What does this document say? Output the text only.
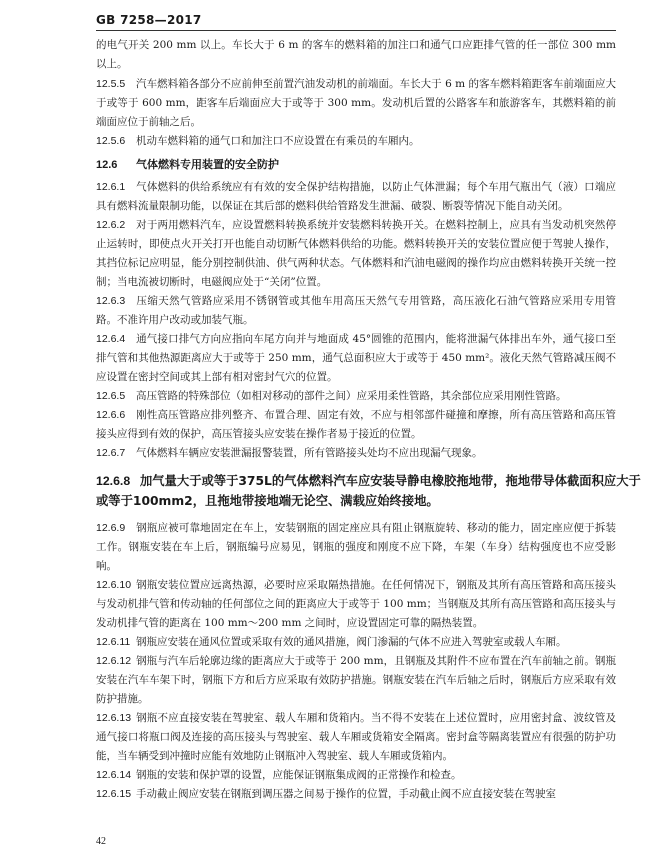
GB 7258—2017

的电气开关 200 mm 以上。车长大于 6 m 的客车的燃料箱的加注口和通气口应距排气管的任一部位 300 mm 以上。

12.5.5 汽车燃料箱各部分不应前伸至前置汽油发动机的前端面。车长大于 6 m 的客车燃料箱距客车前端面应大于或等于 600 mm，距客车后端面应大于或等于 300 mm。发动机后置的公路客车和旅游客车，其燃料箱的前端面应位于前轴之后。

12.5.6 机动车燃料箱的通气口和加注口不应设置在有乘员的车厢内。

12.6 气体燃料专用装置的安全防护

12.6.1 气体燃料的供给系统应有有效的安全保护结构措施，以防止气体泄漏；每个车用气瓶出气（液）口端应具有燃料流量限制功能，以保证在其后部的燃料供给管路发生泄漏、破裂、断裂等情况下能自动关闭。

12.6.2 对于两用燃料汽车，应设置燃料转换系统并安装燃料转换开关。在燃料控制上，应具有当发动机突然停止运转时，即使点火开关打开也能自动切断气体燃料供给的功能。燃料转换开关的安装位置应便于驾驶人操作，其挡位标记应明显，能分别控制供油、供气两种状态。气体燃料和汽油电磁阀的操作均应由燃料转换开关统一控制；当电流被切断时，电磁阀应处于“关闭”位置。

12.6.3 压缩天然气管路应采用不锈钢管或其他车用高压天然气专用管路，高压液化石油气管路应采用专用管路。不准许用户改动或加装气瓶。

12.6.4 通气接口排气方向应指向车尾方向并与地面成 45°圆锥的范围内，能将泄漏气体排出车外，通气接口至排气管和其他热源距离应大于或等于 250 mm，通气总面积应大于或等于 450 mm²。液化天然气管路减压阀不应设置在密封空间或其上部有相对密封气穴的位置。

12.6.5 高压管路的特殊部位（如相对移动的部件之间）应采用柔性管路，其余部位应采用刚性管路。

12.6.6 刚性高压管路应排列整齐、布置合理、固定有效，不应与相邻部件碰撞和摩擦，所有高压管路和高压管接头应得到有效的保护，高压管接头应安装在操作者易于接近的位置。

12.6.7 气体燃料车辆应安装泄漏报警装置，所有管路接头处均不应出现漏气现象。

12.6.8 加气量大于或等于375L的气体燃料汽车应安装导静电橡胶拖地带，拖地带导体截面积应大于或等于100mm2，且拖地带接地端无论空、满载应始终接地。

12.6.9 钢瓶应被可靠地固定在车上，安装钢瓶的固定座应具有阻止钢瓶旋转、移动的能力，固定座应便于拆装工作。钢瓶安装在车上后，钢瓶编号应易见，钢瓶的强度和刚度不应下降，车架（车身）结构强度也不应受影响。

12.6.10 钢瓶安装位置应远离热源，必要时应采取隔热措施。在任何情况下，钢瓶及其所有高压管路和高压接头与发动机排气管和传动轴的任何部位之间的距离应大于或等于 100 mm；当钢瓶及其所有高压管路和高压接头与发动机排气管的距离在 100 mm～200 mm 之间时，应设置固定可靠的隔热装置。

12.6.11 钢瓶应安装在通风位置或采取有效的通风措施，阀门渗漏的气体不应进入驾驶室或载人车厢。

12.6.12 钢瓶与汽车后轮廓边缘的距离应大于或等于 200 mm，且钢瓶及其附件不应布置在汽车前轴之前。钢瓶安装在汽车车架下时，钢瓶下方和后方应采取有效防护措施。钢瓶安装在汽车后轴之后时，钢瓶后方应采取有效防护措施。

12.6.13 钢瓶不应直接安装在驾驶室、载人车厢和货箱内。当不得不安装在上述位置时，应用密封盒、波纹管及通气接口将瓶口阀及连接的高压接头与驾驶室、载人车厢或货箱安全隔离。密封盒等隔离装置应有很强的防护功能，当车辆受到冲撞时应能有效地防止钢瓶冲入驾驶室、载人车厢或货箱内。

12.6.14 钢瓶的安装和保护罩的设置，应能保证钢瓶集成阀的正常操作和检查。

12.6.15 手动截止阀应安装在钢瓶到调压器之间易于操作的位置，手动截止阀不应直接安装在驾驶室

42
